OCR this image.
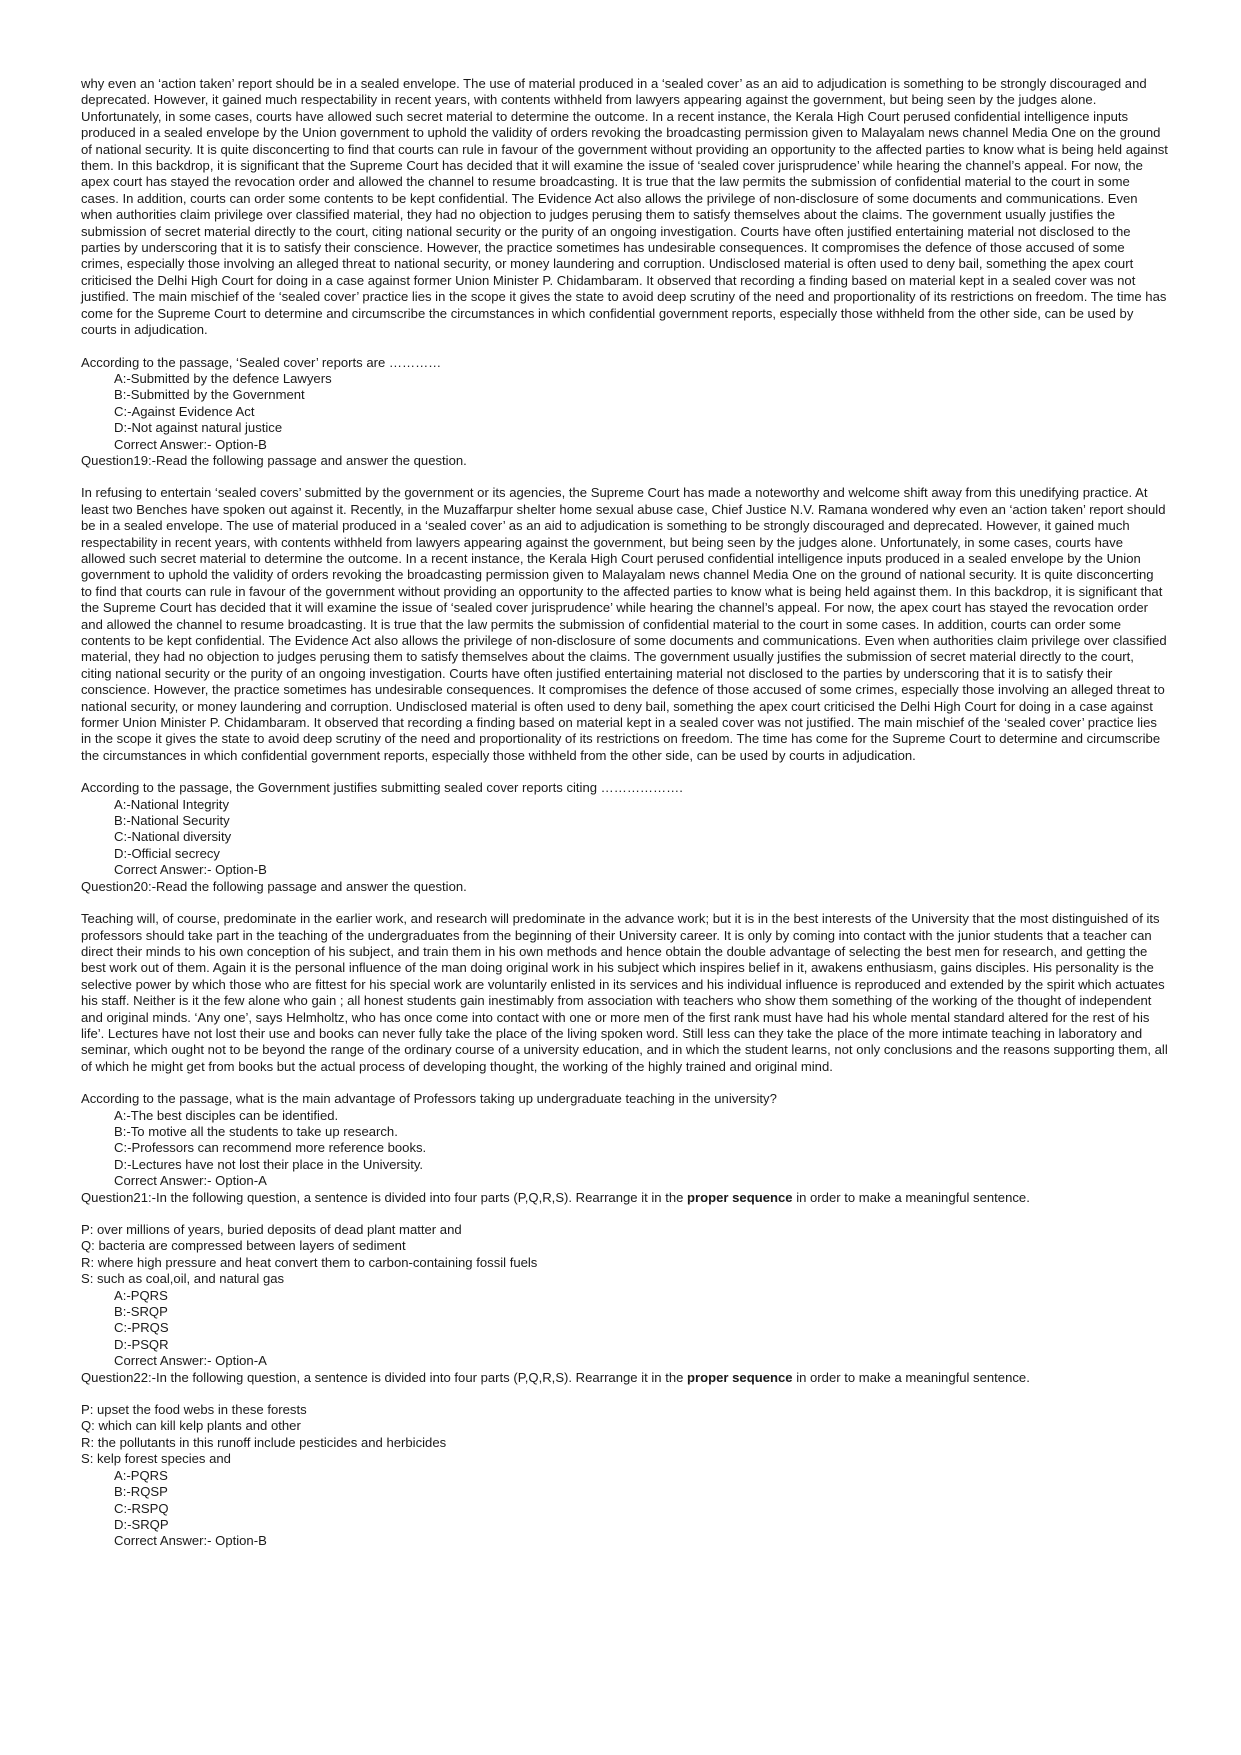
why even an ‘action taken’ report should be in a sealed envelope. The use of material produced in a ‘sealed cover’ as an aid to adjudication is something to be strongly discouraged and deprecated. However, it gained much respectability in recent years, with contents withheld from lawyers appearing against the government, but being seen by the judges alone. Unfortunately, in some cases, courts have allowed such secret material to determine the outcome. In a recent instance, the Kerala High Court perused confidential intelligence inputs produced in a sealed envelope by the Union government to uphold the validity of orders revoking the broadcasting permission given to Malayalam news channel Media One on the ground of national security. It is quite disconcerting to find that courts can rule in favour of the government without providing an opportunity to the affected parties to know what is being held against them. In this backdrop, it is significant that the Supreme Court has decided that it will examine the issue of ‘sealed cover jurisprudence’ while hearing the channel’s appeal. For now, the apex court has stayed the revocation order and allowed the channel to resume broadcasting. It is true that the law permits the submission of confidential material to the court in some cases. In addition, courts can order some contents to be kept confidential. The Evidence Act also allows the privilege of non-disclosure of some documents and communications. Even when authorities claim privilege over classified material, they had no objection to judges perusing them to satisfy themselves about the claims. The government usually justifies the submission of secret material directly to the court, citing national security or the purity of an ongoing investigation. Courts have often justified entertaining material not disclosed to the parties by underscoring that it is to satisfy their conscience. However, the practice sometimes has undesirable consequences. It compromises the defence of those accused of some crimes, especially those involving an alleged threat to national security, or money laundering and corruption. Undisclosed material is often used to deny bail, something the apex court criticised the Delhi High Court for doing in a case against former Union Minister P. Chidambaram. It observed that recording a finding based on material kept in a sealed cover was not justified. The main mischief of the ‘sealed cover’ practice lies in the scope it gives the state to avoid deep scrutiny of the need and proportionality of its restrictions on freedom. The time has come for the Supreme Court to determine and circumscribe the circumstances in which confidential government reports, especially those withheld from the other side, can be used by courts in adjudication.

According to the passage, ‘Sealed cover’ reports are …………

A:-Submitted by the defence Lawyers

B:-Submitted by the Government

C:-Against Evidence Act

D:-Not against natural justice

Correct Answer:- Option-B

Question19:-Read the following passage and answer the question.

In refusing to entertain ‘sealed covers’ submitted by the government or its agencies, the Supreme Court has made a noteworthy and welcome shift away from this unedifying practice. At least two Benches have spoken out against it. Recently, in the Muzaffarpur shelter home sexual abuse case, Chief Justice N.V. Ramana wondered why even an ‘action taken’ report should be in a sealed envelope. The use of material produced in a ‘sealed cover’ as an aid to adjudication is something to be strongly discouraged and deprecated. However, it gained much respectability in recent years, with contents withheld from lawyers appearing against the government, but being seen by the judges alone. Unfortunately, in some cases, courts have allowed such secret material to determine the outcome. In a recent instance, the Kerala High Court perused confidential intelligence inputs produced in a sealed envelope by the Union government to uphold the validity of orders revoking the broadcasting permission given to Malayalam news channel Media One on the ground of national security. It is quite disconcerting to find that courts can rule in favour of the government without providing an opportunity to the affected parties to know what is being held against them. In this backdrop, it is significant that the Supreme Court has decided that it will examine the issue of ‘sealed cover jurisprudence’ while hearing the channel’s appeal. For now, the apex court has stayed the revocation order and allowed the channel to resume broadcasting. It is true that the law permits the submission of confidential material to the court in some cases. In addition, courts can order some contents to be kept confidential. The Evidence Act also allows the privilege of non-disclosure of some documents and communications. Even when authorities claim privilege over classified material, they had no objection to judges perusing them to satisfy themselves about the claims. The government usually justifies the submission of secret material directly to the court, citing national security or the purity of an ongoing investigation. Courts have often justified entertaining material not disclosed to the parties by underscoring that it is to satisfy their conscience. However, the practice sometimes has undesirable consequences. It compromises the defence of those accused of some crimes, especially those involving an alleged threat to national security, or money laundering and corruption. Undisclosed material is often used to deny bail, something the apex court criticised the Delhi High Court for doing in a case against former Union Minister P. Chidambaram. It observed that recording a finding based on material kept in a sealed cover was not justified. The main mischief of the ‘sealed cover’ practice lies in the scope it gives the state to avoid deep scrutiny of the need and proportionality of its restrictions on freedom. The time has come for the Supreme Court to determine and circumscribe the circumstances in which confidential government reports, especially those withheld from the other side, can be used by courts in adjudication.

According to the passage, the Government justifies submitting sealed cover reports citing ……………….

A:-National Integrity

B:-National Security

C:-National diversity

D:-Official secrecy

Correct Answer:- Option-B

Question20:-Read the following passage and answer the question.

Teaching will, of course, predominate in the earlier work, and research will predominate in the advance work; but it is in the best interests of the University that the most distinguished of its professors should take part in the teaching of the undergraduates from the beginning of their University career. It is only by coming into contact with the junior students that a teacher can direct their minds to his own conception of his subject, and train them in his own methods and hence obtain the double advantage of selecting the best men for research, and getting the best work out of them. Again it is the personal influence of the man doing original work in his subject which inspires belief in it, awakens enthusiasm, gains disciples. His personality is the selective power by which those who are fittest for his special work are voluntarily enlisted in its services and his individual influence is reproduced and extended by the spirit which actuates his staff. Neither is it the few alone who gain ; all honest students gain inestimably from association with teachers who show them something of the working of the thought of independent and original minds. ‘Any one’, says Helmholtz, who has once come into contact with one or more men of the first rank must have had his whole mental standard altered for the rest of his life’. Lectures have not lost their use and books can never fully take the place of the living spoken word. Still less can they take the place of the more intimate teaching in laboratory and seminar, which ought not to be beyond the range of the ordinary course of a university education, and in which the student learns, not only conclusions and the reasons supporting them, all of which he might get from books but the actual process of developing thought, the working of the highly trained and original mind.

According to the passage, what is the main advantage of Professors taking up undergraduate teaching in the university?

A:-The best disciples can be identified.

B:-To motive all the students to take up research.

C:-Professors can recommend more reference books.

D:-Lectures have not lost their place in the University.

Correct Answer:- Option-A

Question21:-In the following question, a sentence is divided into four parts (P,Q,R,S). Rearrange it in the proper sequence in order to make a meaningful sentence.

P: over millions of years, buried deposits of dead plant matter and

Q: bacteria are compressed between layers of sediment

R: where high pressure and heat convert them to carbon-containing fossil fuels

S: such as coal,oil, and natural gas

A:-PQRS

B:-SRQP

C:-PRQS

D:-PSQR

Correct Answer:- Option-A

Question22:-In the following question, a sentence is divided into four parts (P,Q,R,S). Rearrange it in the proper sequence in order to make a meaningful sentence.

P: upset the food webs in these forests

Q: which can kill kelp plants and other

R: the pollutants in this runoff include pesticides and herbicides

S: kelp forest species and

A:-PQRS

B:-RQSP

C:-RSPQ

D:-SRQP

Correct Answer:- Option-B
